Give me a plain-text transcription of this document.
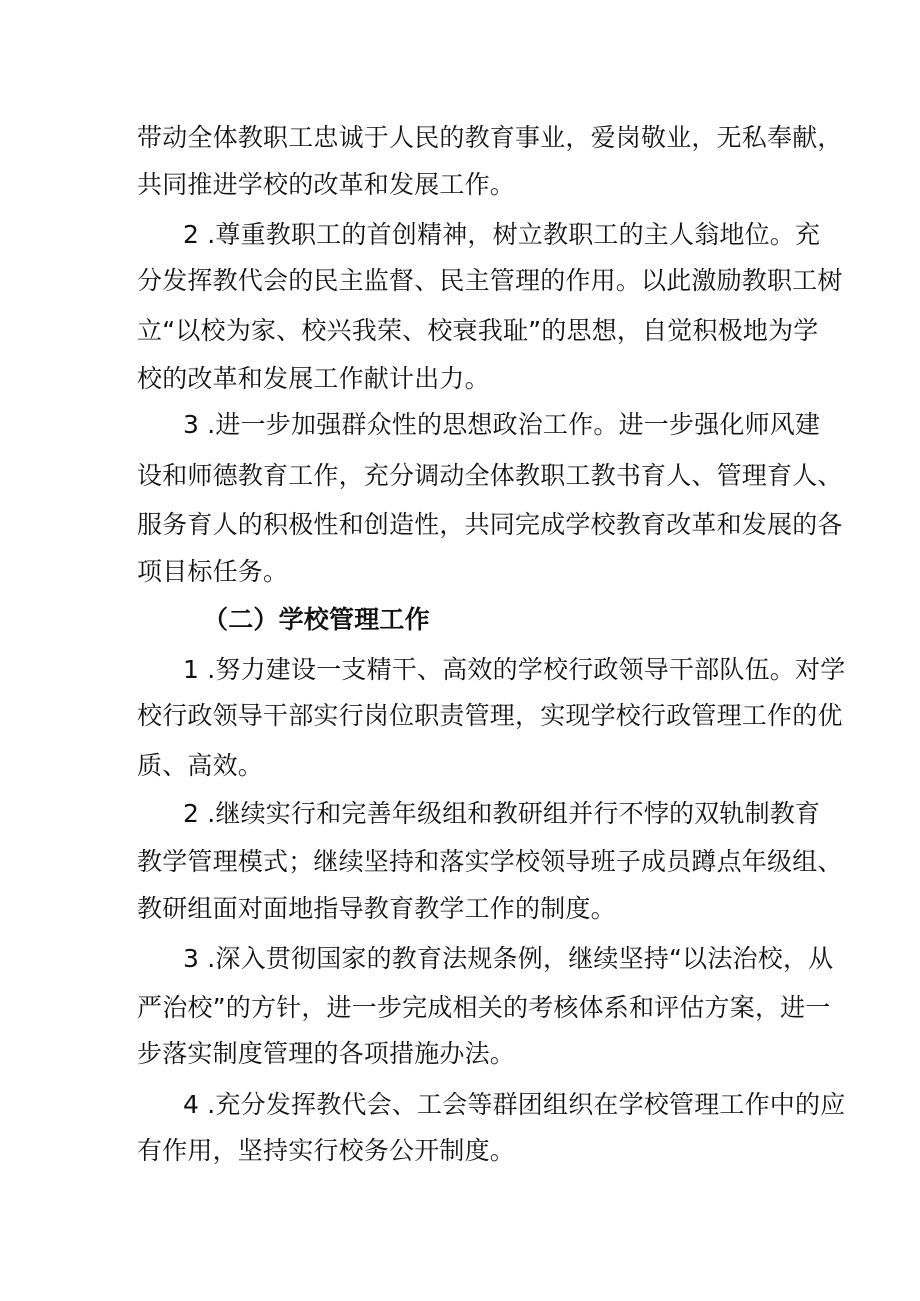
带动全体教职工忠诚于人民的教育事业，爱岗敬业，无私奉献，
共同推进学校的改革和发展工作。
2 .尊重教职工的首创精神，树立教职工的主人翁地位。充
分发挥教代会的民主监督、民主管理的作用。以此激励教职工树
立“以校为家、校兴我荣、校衰我耻”的思想，自觉积极地为学
校的改革和发展工作献计出力。
3 .进一步加强群众性的思想政治工作。进一步强化师风建
设和师德教育工作，充分调动全体教职工教书育人、管理育人、
服务育人的积极性和创造性，共同完成学校教育改革和发展的各
项目标任务。
（二）学校管理工作
1 .努力建设一支精干、高效的学校行政领导干部队伍。对学
校行政领导干部实行岗位职责管理，实现学校行政管理工作的优
质、高效。
2 .继续实行和完善年级组和教研组并行不悖的双轨制教育
教学管理模式；继续坚持和落实学校领导班子成员蹲点年级组、
教研组面对面地指导教育教学工作的制度。
3 .深入贯彻国家的教育法规条例，继续坚持“以法治校，从
严治校”的方针，进一步完成相关的考核体系和评估方案，进一
步落实制度管理的各项措施办法。
4 .充分发挥教代会、工会等群团组织在学校管理工作中的应
有作用，坚持实行校务公开制度。
